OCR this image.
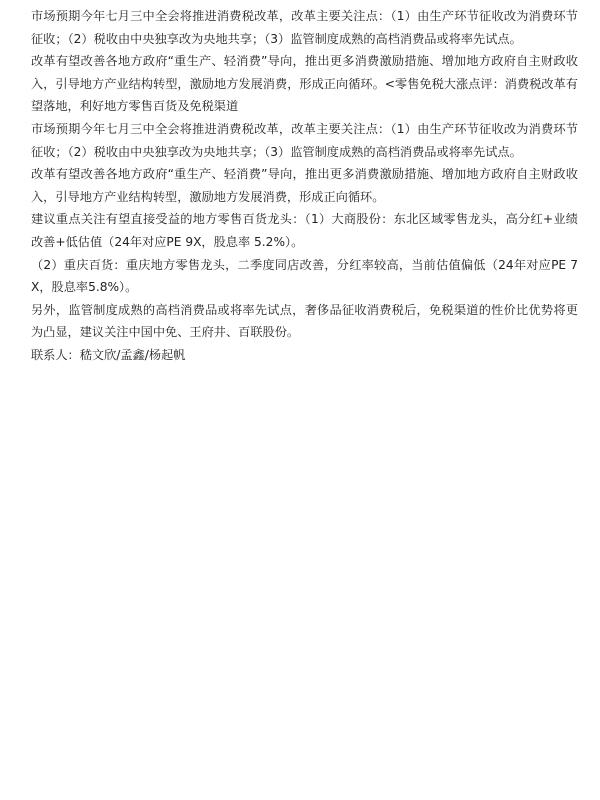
市场预期今年七月三中全会将推进消费税改革，改革主要关注点：（1）由生产环节征收改为消费环节征收；（2）税收由中央独享改为央地共享；（3）监管制度成熟的高档消费品或将率先试点。

改革有望改善各地方政府“重生产、轻消费”导向，推出更多消费激励措施、增加地方政府自主财政收入，引导地方产业结构转型，激励地方发展消费，形成正向循环。<零售免税大涨点评：消费税改革有望落地，利好地方零售百货及免税渠道

市场预期今年七月三中全会将推进消费税改革，改革主要关注点：（1）由生产环节征收改为消费环节征收；（2）税收由中央独享改为央地共享；（3）监管制度成熟的高档消费品或将率先试点。

改革有望改善各地方政府“重生产、轻消费”导向，推出更多消费激励措施、增加地方政府自主财政收入，引导地方产业结构转型，激励地方发展消费，形成正向循环。

建议重点关注有望直接受益的地方零售百货龙头：（1）大商股份：东北区域零售龙头，高分红+业绩改善+低估值（24年对应PE 9X，股息率 5.2%）。

（2）重庆百货：重庆地方零售龙头，二季度同店改善，分红率较高，当前估值偏低（24年对应PE 7X，股息率5.8%）。

另外，监管制度成熟的高档消费品或将率先试点，奢侈品征收消费税后，免税渠道的性价比优势将更为凸显，建议关注中国中免、王府井、百联股份。

联系人：嵇文欣/孟鑫/杨起帆
